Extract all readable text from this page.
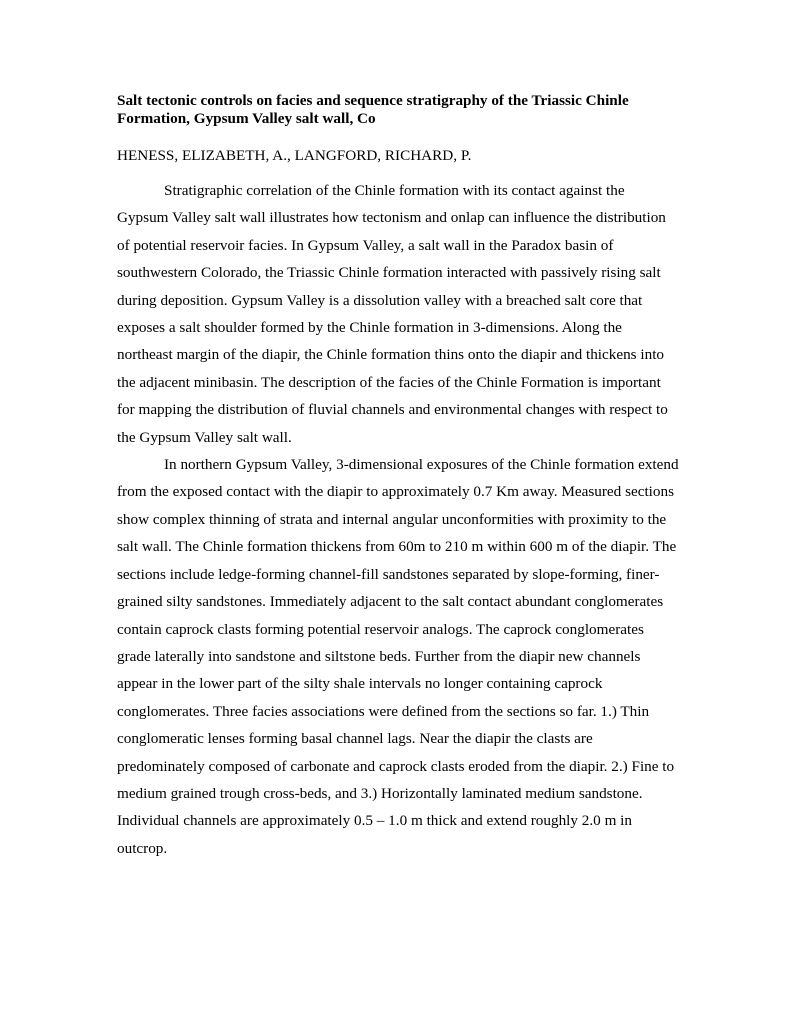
Salt tectonic controls on facies and sequence stratigraphy of the Triassic Chinle Formation, Gypsum Valley salt wall, Co

HENESS, ELIZABETH, A., LANGFORD, RICHARD, P.

Stratigraphic correlation of the Chinle formation with its contact against the Gypsum Valley salt wall illustrates how tectonism and onlap can influence the distribution of potential reservoir facies. In Gypsum Valley, a salt wall in the Paradox basin of southwestern Colorado, the Triassic Chinle formation interacted with passively rising salt during deposition. Gypsum Valley is a dissolution valley with a breached salt core that exposes a salt shoulder formed by the Chinle formation in 3-dimensions. Along the northeast margin of the diapir, the Chinle formation thins onto the diapir and thickens into the adjacent minibasin. The description of the facies of the Chinle Formation is important for mapping the distribution of fluvial channels and environmental changes with respect to the Gypsum Valley salt wall.

In northern Gypsum Valley, 3-dimensional exposures of the Chinle formation extend from the exposed contact with the diapir to approximately 0.7 Km away. Measured sections show complex thinning of strata and internal angular unconformities with proximity to the salt wall. The Chinle formation thickens from 60m to 210 m within 600 m of the diapir. The sections include ledge-forming channel-fill sandstones separated by slope-forming, finer-grained silty sandstones. Immediately adjacent to the salt contact abundant conglomerates contain caprock clasts forming potential reservoir analogs. The caprock conglomerates grade laterally into sandstone and siltstone beds. Further from the diapir new channels appear in the lower part of the silty shale intervals no longer containing caprock conglomerates. Three facies associations were defined from the sections so far. 1.) Thin conglomeratic lenses forming basal channel lags. Near the diapir the clasts are predominately composed of carbonate and caprock clasts eroded from the diapir. 2.) Fine to medium grained trough cross-beds, and 3.) Horizontally laminated medium sandstone. Individual channels are approximately 0.5 – 1.0 m thick and extend roughly 2.0 m in outcrop.
